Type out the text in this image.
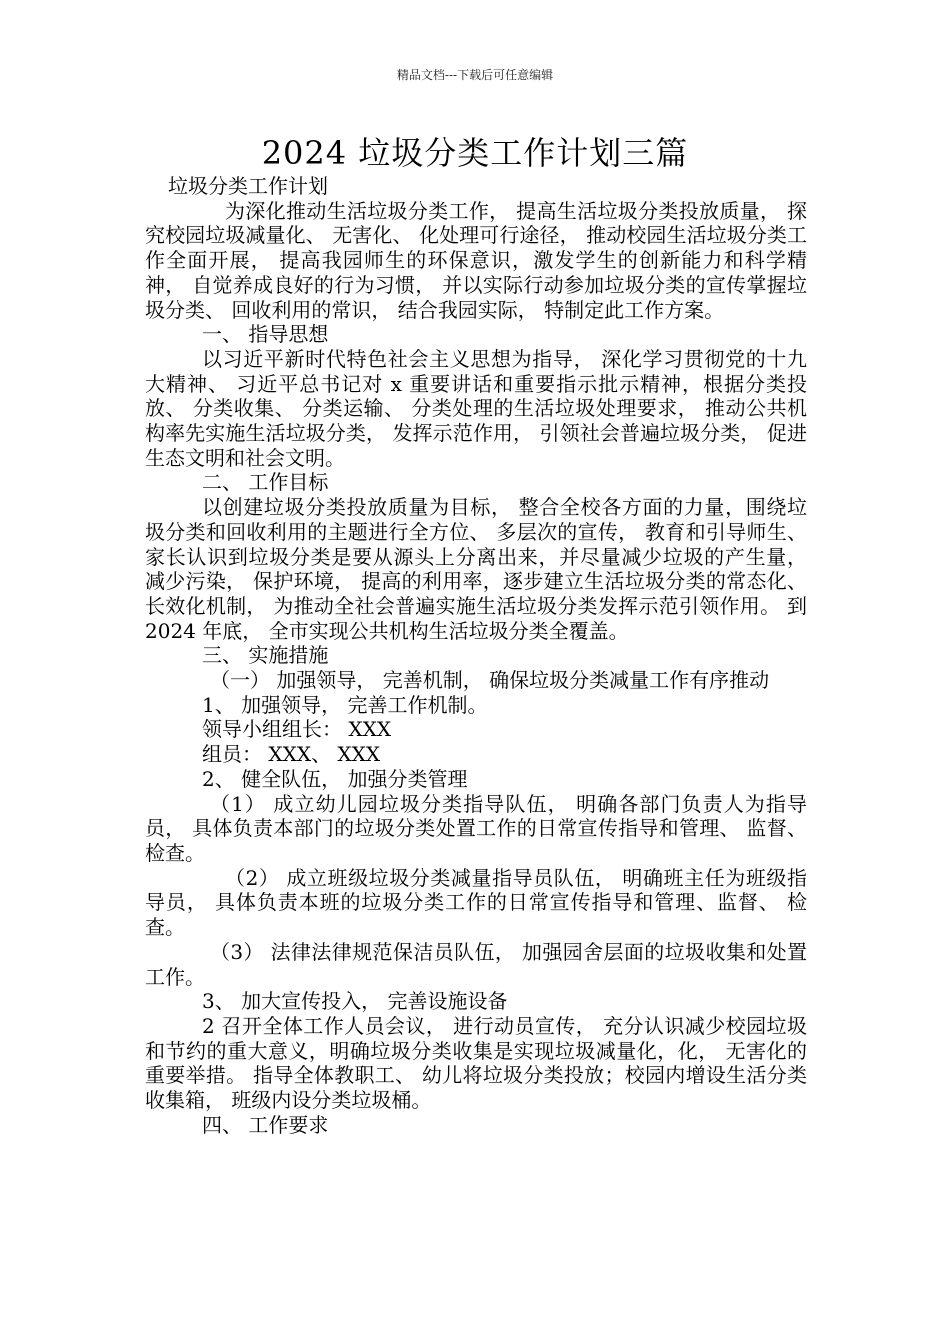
精品文档---下载后可任意编辑
2024 垃圾分类工作计划三篇

垃圾分类工作计划

为深化推动生活垃圾分类工作， 提高生活垃圾分类投放质量， 探究校园垃圾减量化、 无害化、 化处理可行途径， 推动校园生活垃圾分类工作全面开展， 提高我园师生的环保意识，激发学生的创新能力和科学精神， 自觉养成良好的行为习惯， 并以实际行动参加垃圾分类的宣传掌握垃圾分类、 回收利用的常识， 结合我园实际， 特制定此工作方案。

一、 指导思想

以习近平新时代特色社会主义思想为指导， 深化学习贯彻党的十九大精神、 习近平总书记对 x 重要讲话和重要指示批示精神，根据分类投放、 分类收集、 分类运输、 分类处理的生活垃圾处理要求， 推动公共机构率先实施生活垃圾分类， 发挥示范作用， 引领社会普遍垃圾分类， 促进生态文明和社会文明。

二、 工作目标

以创建垃圾分类投放质量为目标， 整合全校各方面的力量，围绕垃圾分类和回收利用的主题进行全方位、 多层次的宣传， 教育和引导师生、 家长认识到垃圾分类是要从源头上分离出来，并尽量减少垃圾的产生量， 减少污染， 保护环境， 提高的利用率，逐步建立生活垃圾分类的常态化、 长效化机制， 为推动全社会普遍实施生活垃圾分类发挥示范引领作用。 到 2024 年底， 全市实现公共机构生活垃圾分类全覆盖。

三、 实施措施

（一） 加强领导， 完善机制， 确保垃圾分类减量工作有序推动

1、 加强领导， 完善工作机制。

领导小组组长： XXX

组员： XXX、 XXX

2、 健全队伍， 加强分类管理

（1） 成立幼儿园垃圾分类指导队伍， 明确各部门负责人为指导员， 具体负责本部门的垃圾分类处置工作的日常宣传指导和管理、 监督、 检查。

（2） 成立班级垃圾分类减量指导员队伍， 明确班主任为班级指导员， 具体负责本班的垃圾分类工作的日常宣传指导和管理、监督、 检查。

（3） 法律法律规范保洁员队伍， 加强园舍层面的垃圾收集和处置工作。

3、 加大宣传投入， 完善设施设备

2 召开全体工作人员会议， 进行动员宣传， 充分认识减少校园垃圾和节约的重大意义，明确垃圾分类收集是实现垃圾减量化，化， 无害化的重要举措。 指导全体教职工、 幼儿将垃圾分类投放；校园内增设生活分类收集箱， 班级内设分类垃圾桶。

四、 工作要求
